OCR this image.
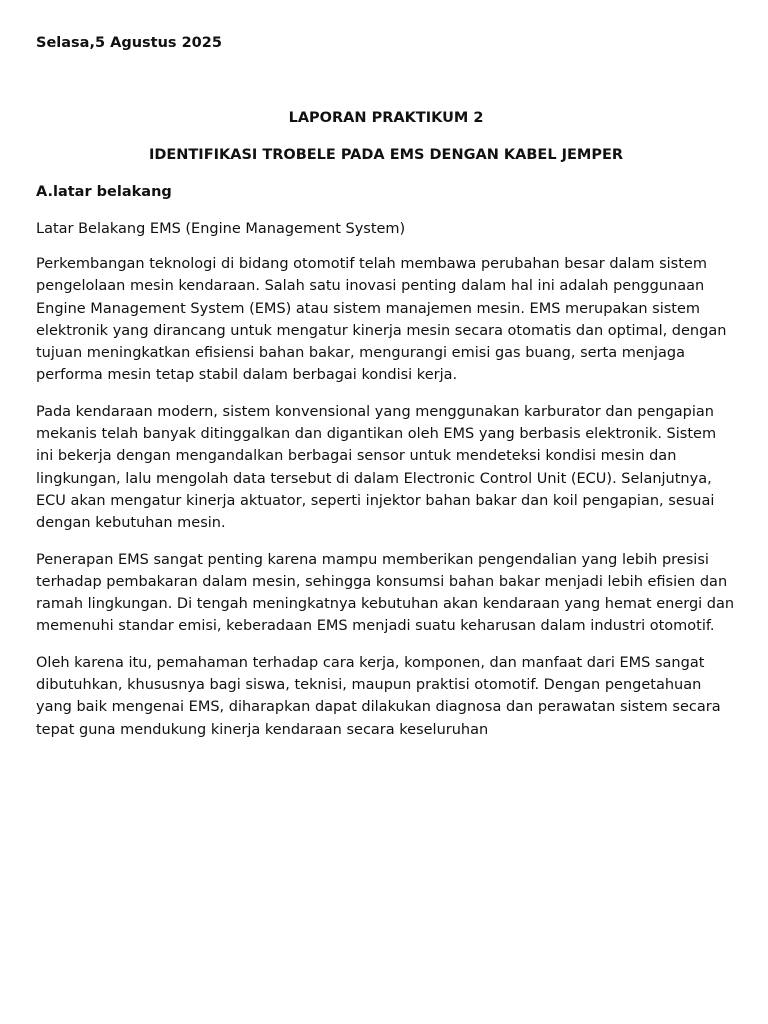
Selasa,5 Agustus 2025

LAPORAN PRAKTIKUM 2

IDENTIFIKASI TROBELE PADA EMS DENGAN KABEL JEMPER

A.latar belakang

Latar Belakang EMS (Engine Management System)

Perkembangan teknologi di bidang otomotif telah membawa perubahan besar dalam sistem pengelolaan mesin kendaraan. Salah satu inovasi penting dalam hal ini adalah penggunaan Engine Management System (EMS) atau sistem manajemen mesin. EMS merupakan sistem elektronik yang dirancang untuk mengatur kinerja mesin secara otomatis dan optimal, dengan tujuan meningkatkan efisiensi bahan bakar, mengurangi emisi gas buang, serta menjaga performa mesin tetap stabil dalam berbagai kondisi kerja.

Pada kendaraan modern, sistem konvensional yang menggunakan karburator dan pengapian mekanis telah banyak ditinggalkan dan digantikan oleh EMS yang berbasis elektronik. Sistem ini bekerja dengan mengandalkan berbagai sensor untuk mendeteksi kondisi mesin dan lingkungan, lalu mengolah data tersebut di dalam Electronic Control Unit (ECU). Selanjutnya, ECU akan mengatur kinerja aktuator, seperti injektor bahan bakar dan koil pengapian, sesuai dengan kebutuhan mesin.

Penerapan EMS sangat penting karena mampu memberikan pengendalian yang lebih presisi terhadap pembakaran dalam mesin, sehingga konsumsi bahan bakar menjadi lebih efisien dan ramah lingkungan. Di tengah meningkatnya kebutuhan akan kendaraan yang hemat energi dan memenuhi standar emisi, keberadaan EMS menjadi suatu keharusan dalam industri otomotif.

Oleh karena itu, pemahaman terhadap cara kerja, komponen, dan manfaat dari EMS sangat dibutuhkan, khususnya bagi siswa, teknisi, maupun praktisi otomotif. Dengan pengetahuan yang baik mengenai EMS, diharapkan dapat dilakukan diagnosa dan perawatan sistem secara tepat guna mendukung kinerja kendaraan secara keseluruhan
